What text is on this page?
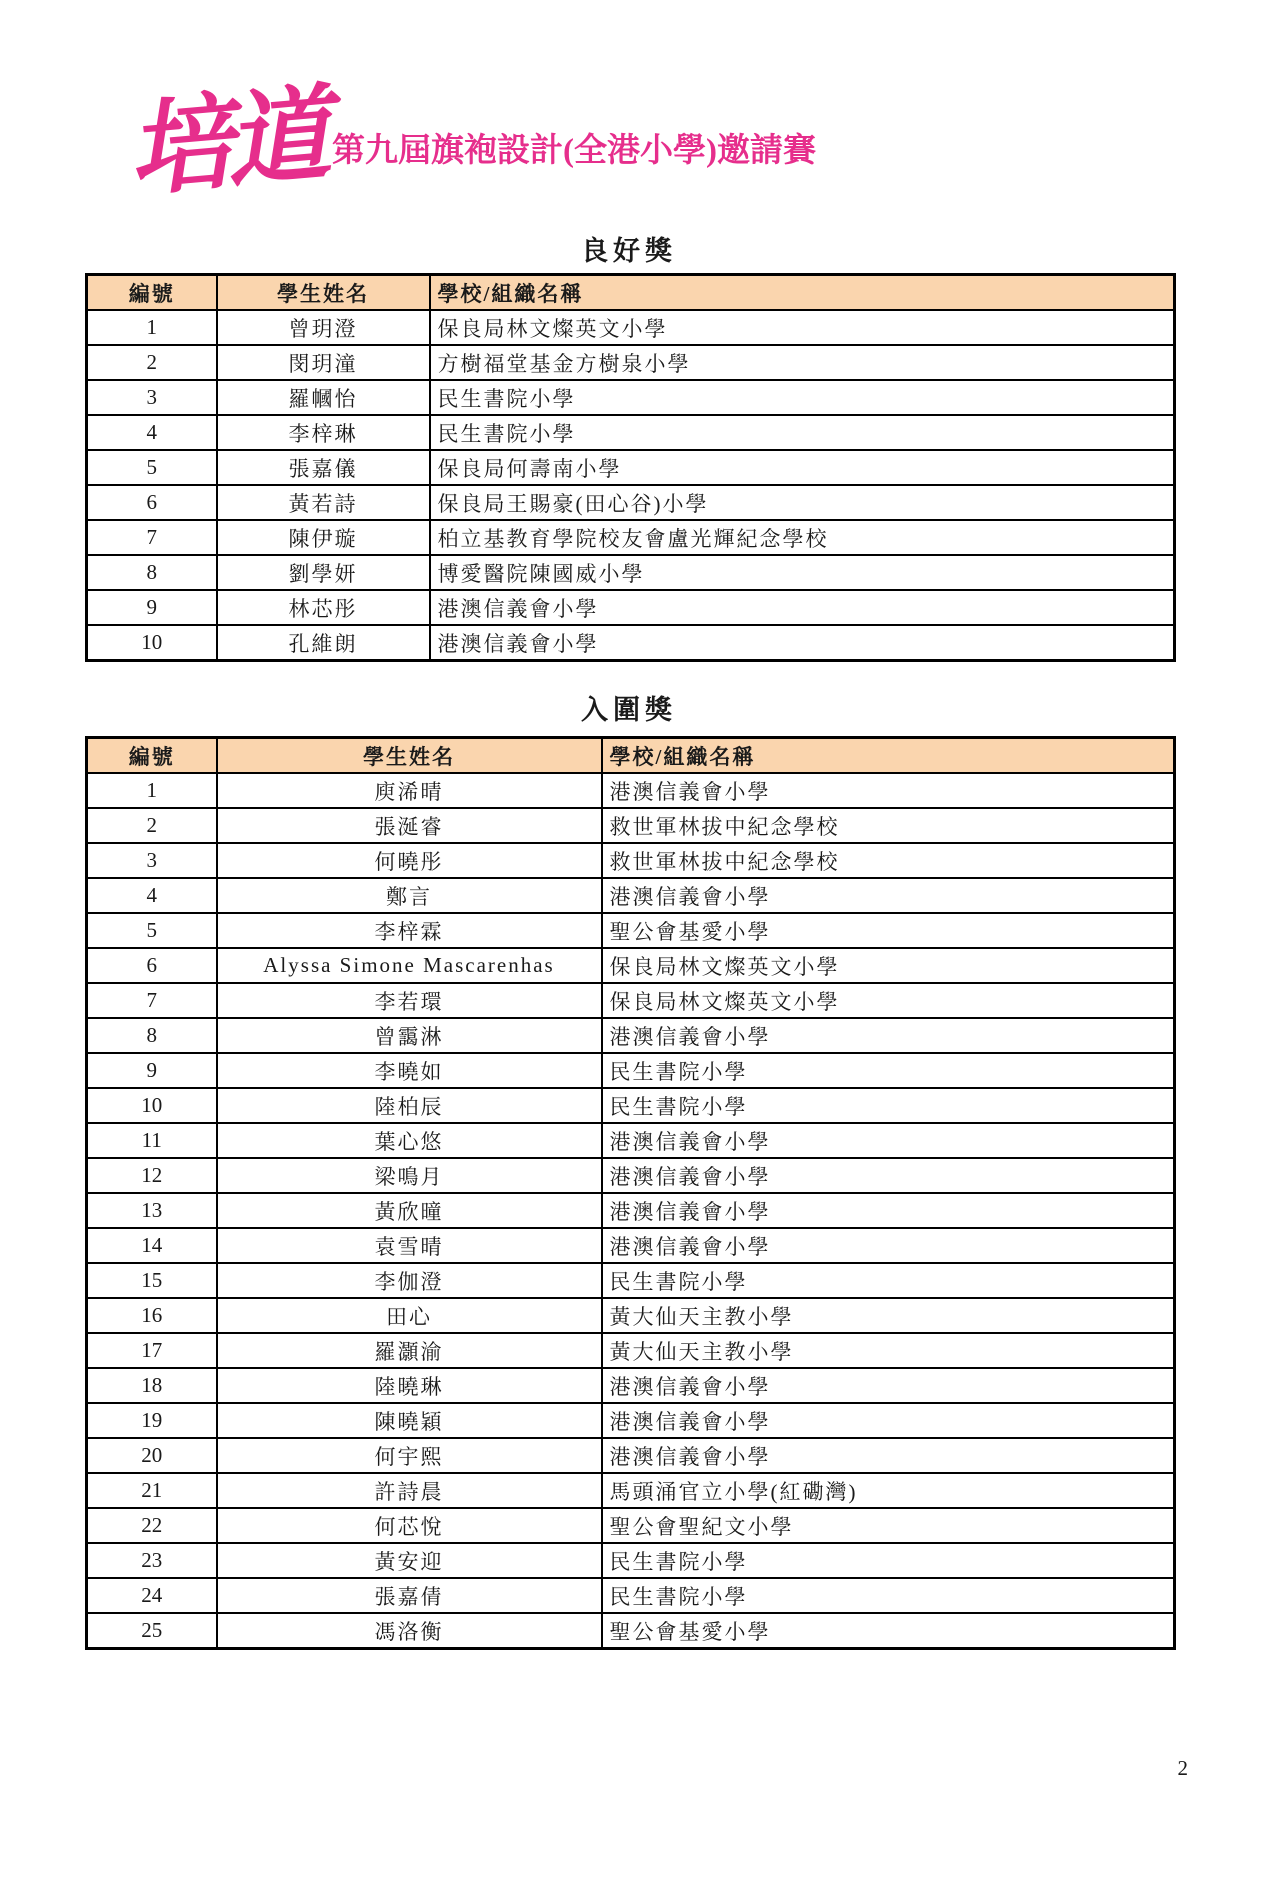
培道 第九屆旗袍設計(全港小學)邀請賽
良好獎
編號	學生姓名	學校/組織名稱
1	曾玥澄	保良局林文燦英文小學
2	閔玥潼	方樹福堂基金方樹泉小學
3	羅幗怡	民生書院小學
4	李梓琳	民生書院小學
5	張嘉儀	保良局何壽南小學
6	黃若詩	保良局王賜豪(田心谷)小學
7	陳伊璇	柏立基教育學院校友會盧光輝紀念學校
8	劉學妍	博愛醫院陳國威小學
9	林芯彤	港澳信義會小學
10	孔維朗	港澳信義會小學
入圍獎
編號	學生姓名	學校/組織名稱
1	庾浠晴	港澳信義會小學
2	張涎睿	救世軍林拔中紀念學校
3	何曉彤	救世軍林拔中紀念學校
4	鄭言	港澳信義會小學
5	李梓霖	聖公會基愛小學
6	Alyssa Simone Mascarenhas	保良局林文燦英文小學
7	李若環	保良局林文燦英文小學
8	曾靄淋	港澳信義會小學
9	李曉如	民生書院小學
10	陸柏辰	民生書院小學
11	葉心悠	港澳信義會小學
12	梁鳴月	港澳信義會小學
13	黃欣曈	港澳信義會小學
14	袁雪晴	港澳信義會小學
15	李伽澄	民生書院小學
16	田心	黃大仙天主教小學
17	羅灝渝	黃大仙天主教小學
18	陸曉琳	港澳信義會小學
19	陳曉穎	港澳信義會小學
20	何宇熙	港澳信義會小學
21	許詩晨	馬頭涌官立小學(紅磡灣)
22	何芯悅	聖公會聖紀文小學
23	黃安迎	民生書院小學
24	張嘉倩	民生書院小學
25	馮洛衡	聖公會基愛小學
2
